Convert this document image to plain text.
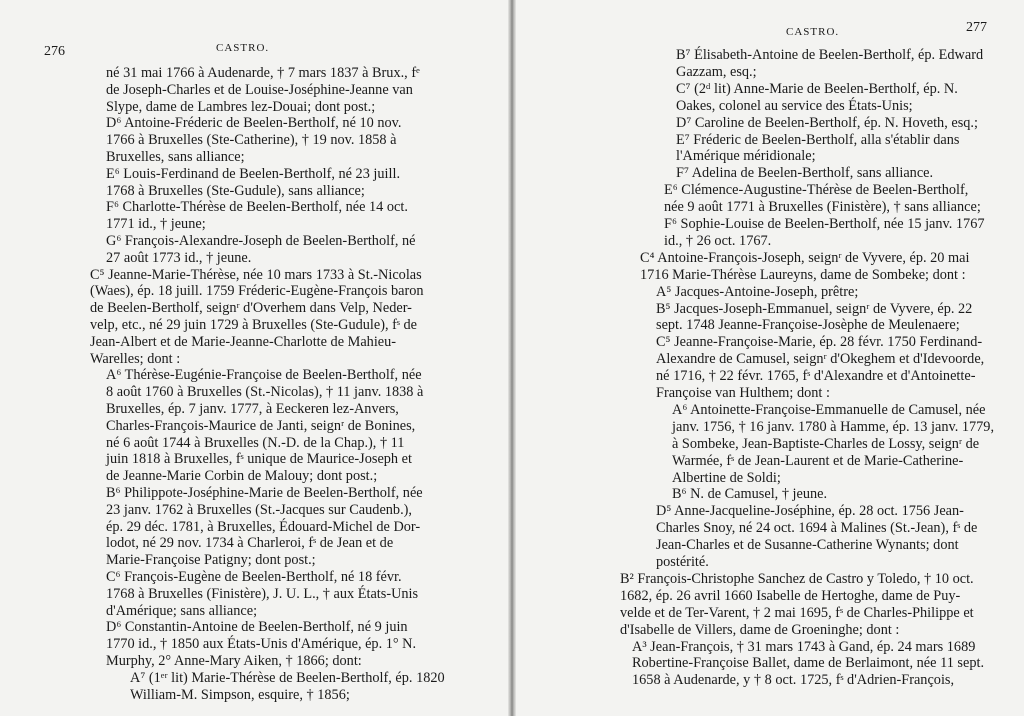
276	CASTRO.
né 31 mai 1766 à Audenarde, † 7 mars 1837 à Brux., fᵉ
de Joseph-Charles et de Louise-Joséphine-Jeanne van
Slype, dame de Lambres lez-Douai; dont post.;
D⁶ Antoine-Fréderic de Beelen-Bertholf, né 10 nov.
1766 à Bruxelles (Ste-Catherine), † 19 nov. 1858 à
Bruxelles, sans alliance;
E⁶ Louis-Ferdinand de Beelen-Bertholf, né 23 juill.
1768 à Bruxelles (Ste-Gudule), sans alliance;
F⁶ Charlotte-Thérèse de Beelen-Bertholf, née 14 oct.
1771 id., † jeune;
G⁶ François-Alexandre-Joseph de Beelen-Bertholf, né
27 août 1773 id., † jeune.
C⁵ Jeanne-Marie-Thérèse, née 10 mars 1733 à St.-Nicolas
(Waes), ép. 18 juill. 1759 Fréderic-Eugène-François baron
de Beelen-Bertholf, seignʳ d'Overhem dans Velp, Neder-
velp, etc., né 29 juin 1729 à Bruxelles (Ste-Gudule), fˢ de
Jean-Albert et de Marie-Jeanne-Charlotte de Mahieu-
Warelles; dont :
A⁶ Thérèse-Eugénie-Françoise de Beelen-Bertholf, née
8 août 1760 à Bruxelles (St.-Nicolas), † 11 janv. 1838 à
Bruxelles, ép. 7 janv. 1777, à Eeckeren lez-Anvers,
Charles-François-Maurice de Janti, seignʳ de Bonines,
né 6 août 1744 à Bruxelles (N.-D. de la Chap.), † 11
juin 1818 à Bruxelles, fˢ unique de Maurice-Joseph et
de Jeanne-Marie Corbin de Malouy; dont post.;
B⁶ Philippote-Joséphine-Marie de Beelen-Bertholf, née
23 janv. 1762 à Bruxelles (St.-Jacques sur Caudenb.),
ép. 29 déc. 1781, à Bruxelles, Édouard-Michel de Dor-
lodot, né 29 nov. 1734 à Charleroi, fˢ de Jean et de
Marie-Françoise Patigny; dont post.;
C⁶ François-Eugène de Beelen-Bertholf, né 18 févr.
1768 à Bruxelles (Finistère), J. U. L., † aux États-Unis
d'Amérique; sans alliance;
D⁶ Constantin-Antoine de Beelen-Bertholf, né 9 juin
1770 id., † 1850 aux États-Unis d'Amérique, ép. 1° N.
Murphy, 2° Anne-Mary Aiken, † 1866; dont:
A⁷ (1ᵉʳ lit) Marie-Thérèse de Beelen-Bertholf, ép. 1820
William-M. Simpson, esquire, † 1856;
CASTRO.	277
B⁷ Élisabeth-Antoine de Beelen-Bertholf, ép. Edward
Gazzam, esq.;
C⁷ (2ᵈ lit) Anne-Marie de Beelen-Bertholf, ép. N.
Oakes, colonel au service des États-Unis;
D⁷ Caroline de Beelen-Bertholf, ép. N. Hoveth, esq.;
E⁷ Fréderic de Beelen-Bertholf, alla s'établir dans
l'Amérique méridionale;
F⁷ Adelina de Beelen-Bertholf, sans alliance.
E⁶ Clémence-Augustine-Thérèse de Beelen-Bertholf,
née 9 août 1771 à Bruxelles (Finistère), † sans alliance;
F⁶ Sophie-Louise de Beelen-Bertholf, née 15 janv. 1767
id., † 26 oct. 1767.
C⁴ Antoine-François-Joseph, seignʳ de Vyvere, ép. 20 mai
1716 Marie-Thérèse Laureyns, dame de Sombeke; dont :
A⁵ Jacques-Antoine-Joseph, prêtre;
B⁵ Jacques-Joseph-Emmanuel, seignʳ de Vyvere, ép. 22
sept. 1748 Jeanne-Françoise-Josèphe de Meulenaere;
C⁵ Jeanne-Françoise-Marie, ép. 28 févr. 1750 Ferdinand-
Alexandre de Camusel, seignʳ d'Okeghem et d'Idevoorde,
né 1716, † 22 févr. 1765, fˢ d'Alexandre et d'Antoinette-
Françoise van Hulthem; dont :
A⁶ Antoinette-Françoise-Emmanuelle de Camusel, née
janv. 1756, † 16 janv. 1780 à Hamme, ép. 13 janv. 1779,
à Sombeke, Jean-Baptiste-Charles de Lossy, seignʳ de
Warmée, fˢ de Jean-Laurent et de Marie-Catherine-
Albertine de Soldi;
B⁶ N. de Camusel, † jeune.
D⁵ Anne-Jacqueline-Joséphine, ép. 28 oct. 1756 Jean-
Charles Snoy, né 24 oct. 1694 à Malines (St.-Jean), fˢ de
Jean-Charles et de Susanne-Catherine Wynants; dont
postérité.
B² François-Christophe Sanchez de Castro y Toledo, † 10 oct.
1682, ép. 26 avril 1660 Isabelle de Hertoghe, dame de Puy-
velde et de Ter-Varent, † 2 mai 1695, fˢ de Charles-Philippe et
d'Isabelle de Villers, dame de Groeninghe; dont :
A³ Jean-François, † 31 mars 1743 à Gand, ép. 24 mars 1689
Robertine-Françoise Ballet, dame de Berlaimont, née 11 sept.
1658 à Audenarde, y † 8 oct. 1725, fˢ d'Adrien-François,
